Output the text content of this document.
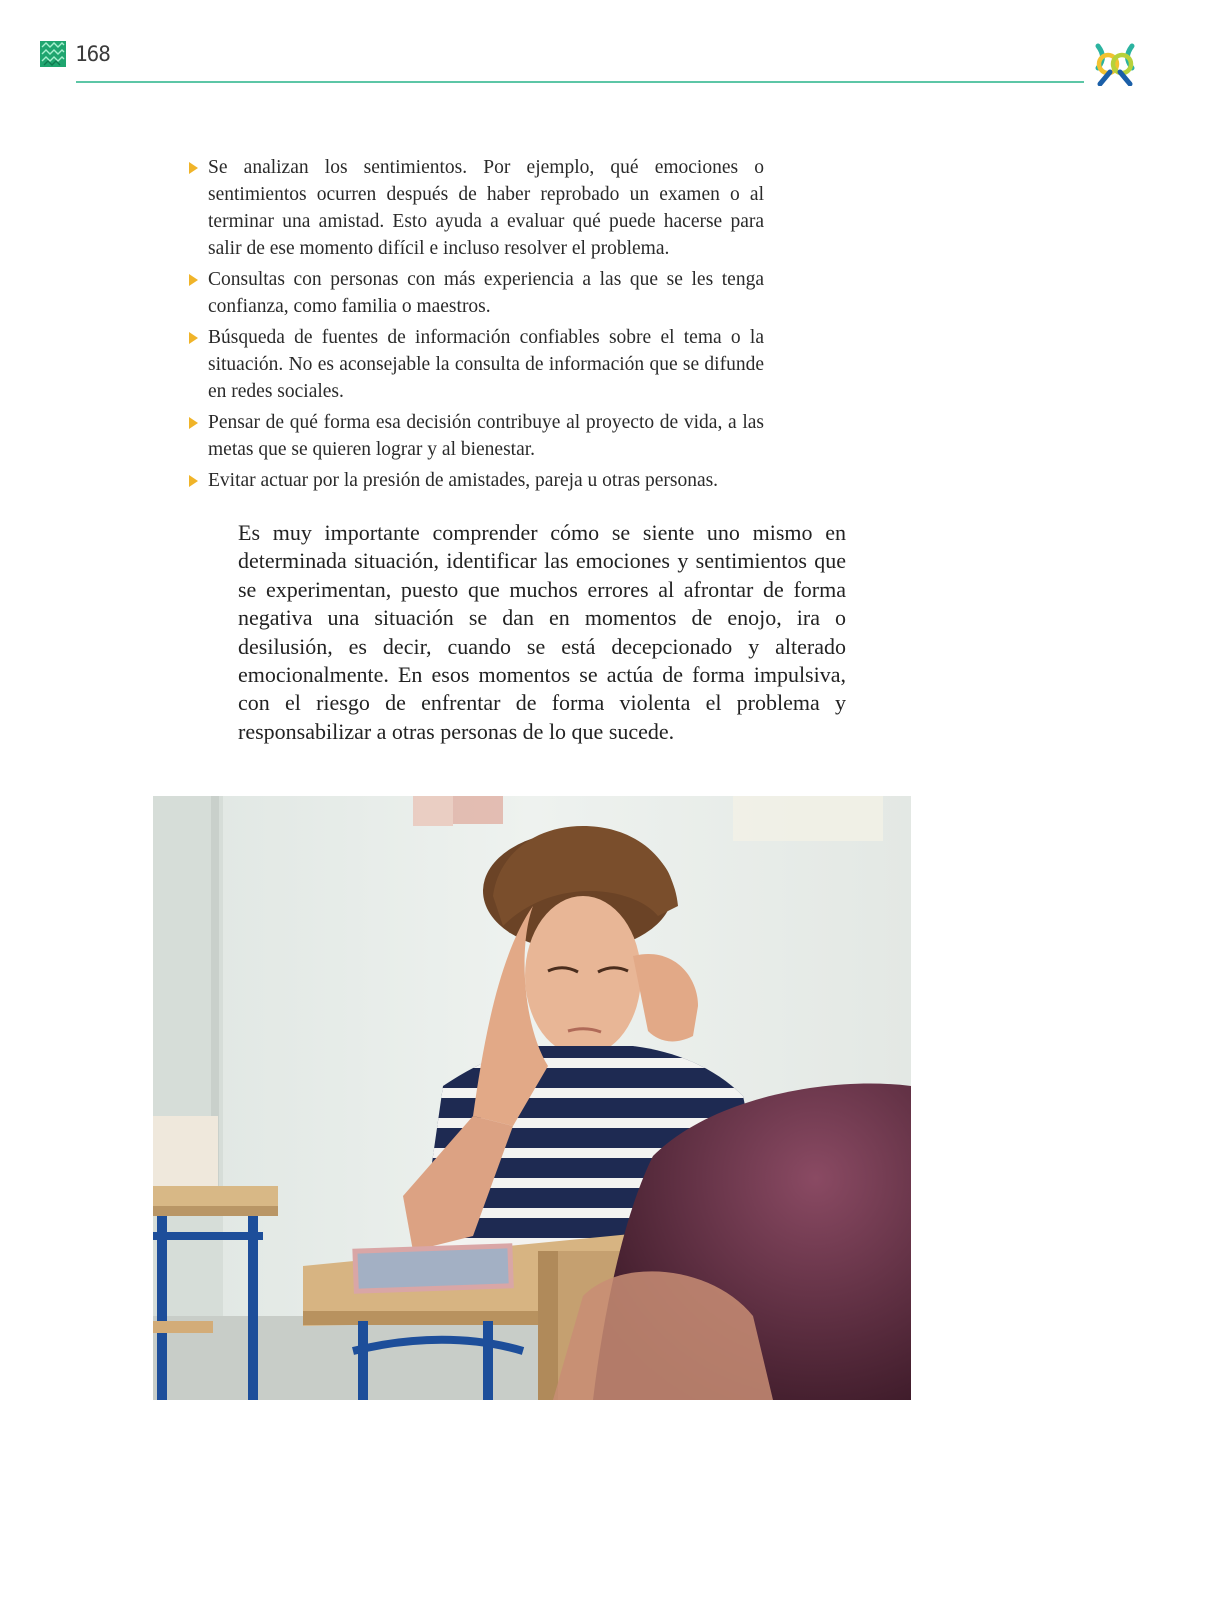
168
Se analizan los sentimientos. Por ejemplo, qué emociones o sentimientos ocurren después de haber reprobado un examen o al terminar una amistad. Esto ayuda a evaluar qué puede hacerse para salir de ese momento difícil e incluso resolver el problema.
Consultas con personas con más experiencia a las que se les tenga confianza, como familia o maestros.
Búsqueda de fuentes de información confiables sobre el tema o la situación. No es aconsejable la consulta de información que se difunde en redes sociales.
Pensar de qué forma esa decisión contribuye al proyecto de vida, a las metas que se quieren lograr y al bienestar.
Evitar actuar por la presión de amistades, pareja u otras personas.

Es muy importante comprender cómo se siente uno mismo en determinada situación, identificar las emociones y sentimientos que se experimentan, puesto que muchos errores al afrontar de forma negativa una situación se dan en momentos de enojo, ira o desilusión, es decir, cuando se está decepcionado y alterado emocionalmente. En esos momentos se actúa de forma impulsiva, con el riesgo de enfrentar de forma violenta el problema y responsabilizar a otras personas de lo que sucede.
